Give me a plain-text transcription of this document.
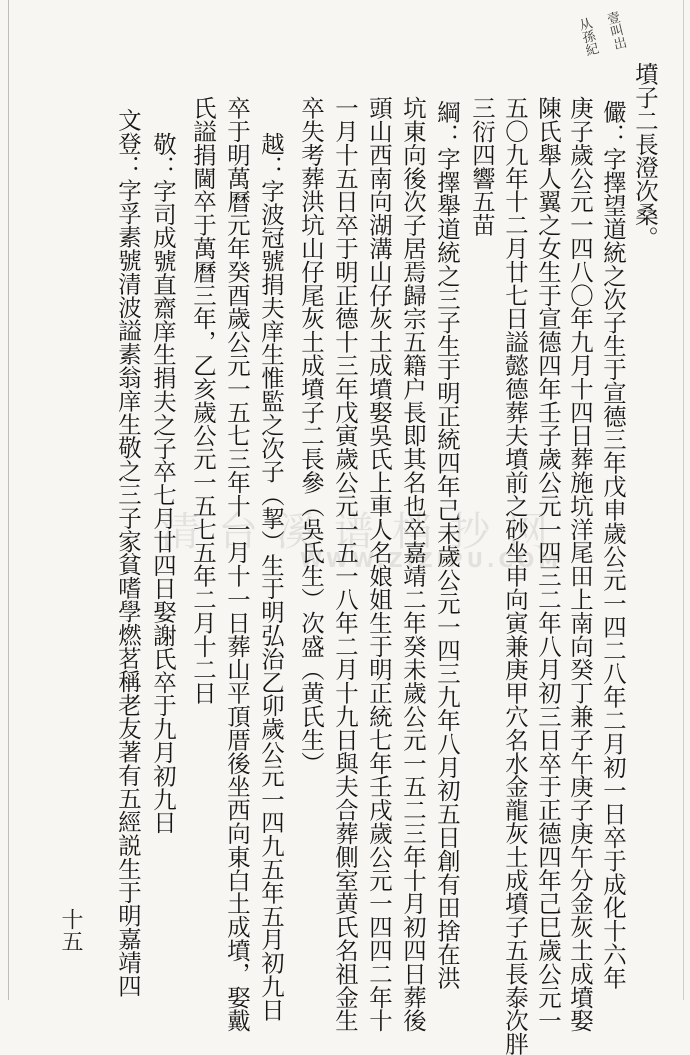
清台溪谱档抄网
WWW.ZIZIPU.COM
壹叫岀
从孫紀
墳子二長澄次桑。
儼：字擇望道統之次子生于宣德三年戊申歲公元一四二八年二月初一日卒于成化十六年
庚子歲公元一四八〇年九月十四日葬施坑洋尾田上南向癸丁兼子午庚子庚午分金灰土成墳娶
陳氏舉人翼之女生于宣德四年壬子歲公元一四三二年八月初三日卒于正德四年己巳歲公元一
五〇九年十二月廿七日謚懿德葬夫墳前之砂坐申向寅兼庚甲穴名水金龍灰土成墳子五長泰次胖
三衍四響五苗
綱：字擇舉道統之三子生于明正統四年己未歲公元一四三九年八月初五日創有田捨在洪
坑東向後次子居焉歸宗五籍户長即其名也卒嘉靖二年癸未歲公元一五二三年十月初四日葬後
頭山西南向湖溝山仔灰土成墳娶吳氏上車人名娘姐生于明正統七年壬戌歲公元一四四二年十
一月十五日卒于明正德十三年戊寅歲公元一五一八年二月十九日與夫合葬側室黄氏名祖金生
卒失考葬洪坑山仔尾灰土成墳子二長參（吳氏生）次盛（黄氏生）
越：字波冠號捐夫庠生惟監之次子（挈）生于明弘治乙卯歲公元一四九五年五月初九日
卒于明萬曆元年癸酉歲公元一五七三年十一月十一日葬山平頂厝後坐西向東白土成墳，娶戴
氏謚捐閫卒于萬曆三年，乙亥歲公元一五七五年二月十二日
敬：字司成號直齋庠生捐夫之子卒七月廿四日娶謝氏卒于九月初九日
文登：字孚素號清波謚素翁庠生敬之三子家貧嗜學燃茗稱老友著有五經説生于明嘉靖四
十五
